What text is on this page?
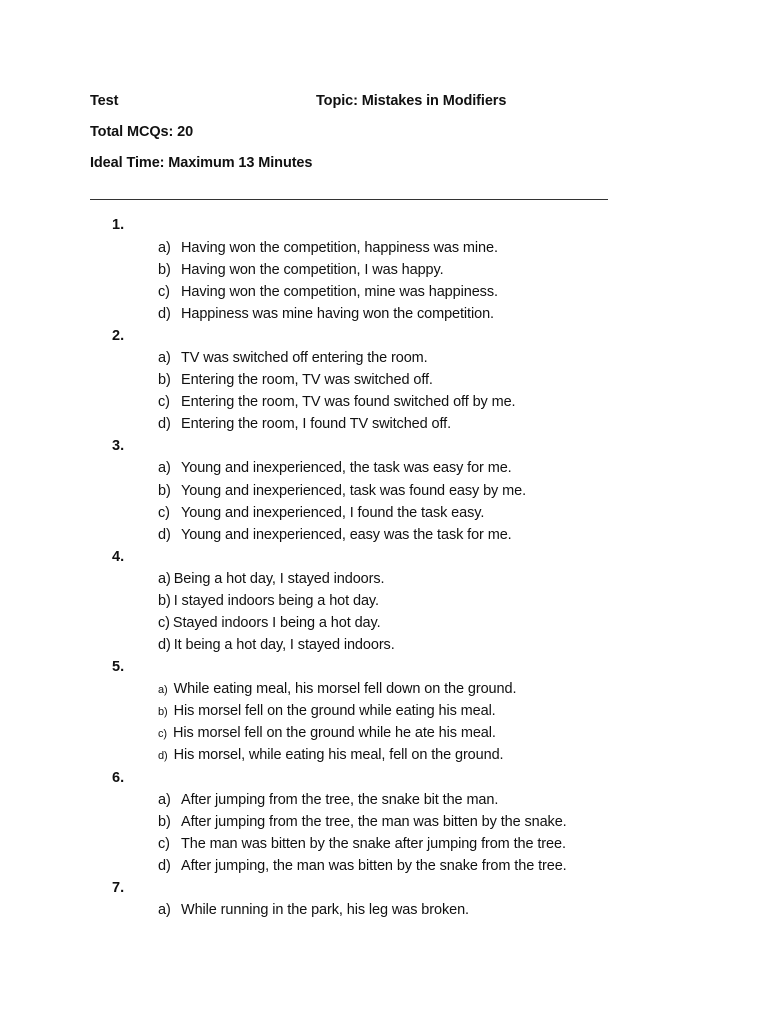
Test	Topic: Mistakes in Modifiers
Total MCQs: 20
Ideal Time: Maximum 13 Minutes
1.
a) Having won the competition, happiness was mine.
b) Having won the competition, I was happy.
c) Having won the competition, mine was happiness.
d) Happiness was mine having won the competition.
2.
a) TV was switched off entering the room.
b) Entering the room, TV was switched off.
c) Entering the room, TV was found switched off by me.
d) Entering the room, I found TV switched off.
3.
a) Young and inexperienced, the task was easy for me.
b) Young and inexperienced, task was found easy by me.
c) Young and inexperienced, I found the task easy.
d) Young and inexperienced, easy was the task for me.
4.
a) Being a hot day, I stayed indoors.
b) I stayed indoors being a hot day.
c) Stayed indoors I being a hot day.
d) It being a hot day, I stayed indoors.
5.
a) While eating meal, his morsel fell down on the ground.
b) His morsel fell on the ground while eating his meal.
c) His morsel fell on the ground while he ate his meal.
d) His morsel, while eating his meal, fell on the ground.
6.
a) After jumping from the tree, the snake bit the man.
b) After jumping from the tree, the man was bitten by the snake.
c) The man was bitten by the snake after jumping from the tree.
d) After jumping, the man was bitten by the snake from the tree.
7.
a) While running in the park, his leg was broken.
